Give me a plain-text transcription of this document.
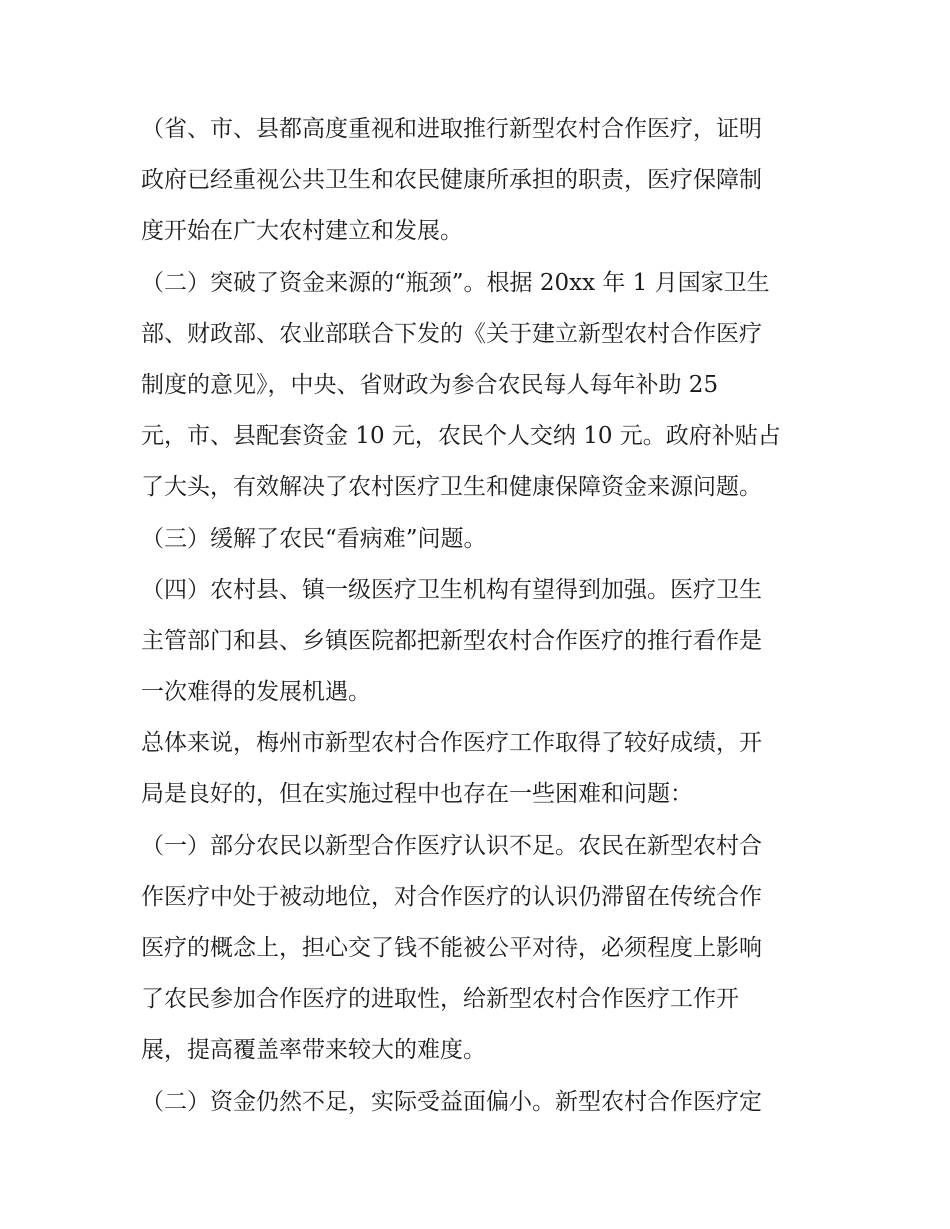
（省、市、县都高度重视和进取推行新型农村合作医疗，证明
政府已经重视公共卫生和农民健康所承担的职责，医疗保障制
度开始在广大农村建立和发展。
（二）突破了资金来源的“瓶颈”。根据 20xx 年 1 月国家卫生
部、财政部、农业部联合下发的《关于建立新型农村合作医疗
制度的意见》，中央、省财政为参合农民每人每年补助 25
元，市、县配套资金 10 元，农民个人交纳 10 元。政府补贴占
了大头，有效解决了农村医疗卫生和健康保障资金来源问题。
（三）缓解了农民“看病难”问题。
（四）农村县、镇一级医疗卫生机构有望得到加强。医疗卫生
主管部门和县、乡镇医院都把新型农村合作医疗的推行看作是
一次难得的发展机遇。
总体来说，梅州市新型农村合作医疗工作取得了较好成绩，开
局是良好的，但在实施过程中也存在一些困难和问题：
（一）部分农民以新型合作医疗认识不足。农民在新型农村合
作医疗中处于被动地位，对合作医疗的认识仍滞留在传统合作
医疗的概念上，担心交了钱不能被公平对待，必须程度上影响
了农民参加合作医疗的进取性，给新型农村合作医疗工作开
展，提高覆盖率带来较大的难度。
（二）资金仍然不足，实际受益面偏小。新型农村合作医疗定
